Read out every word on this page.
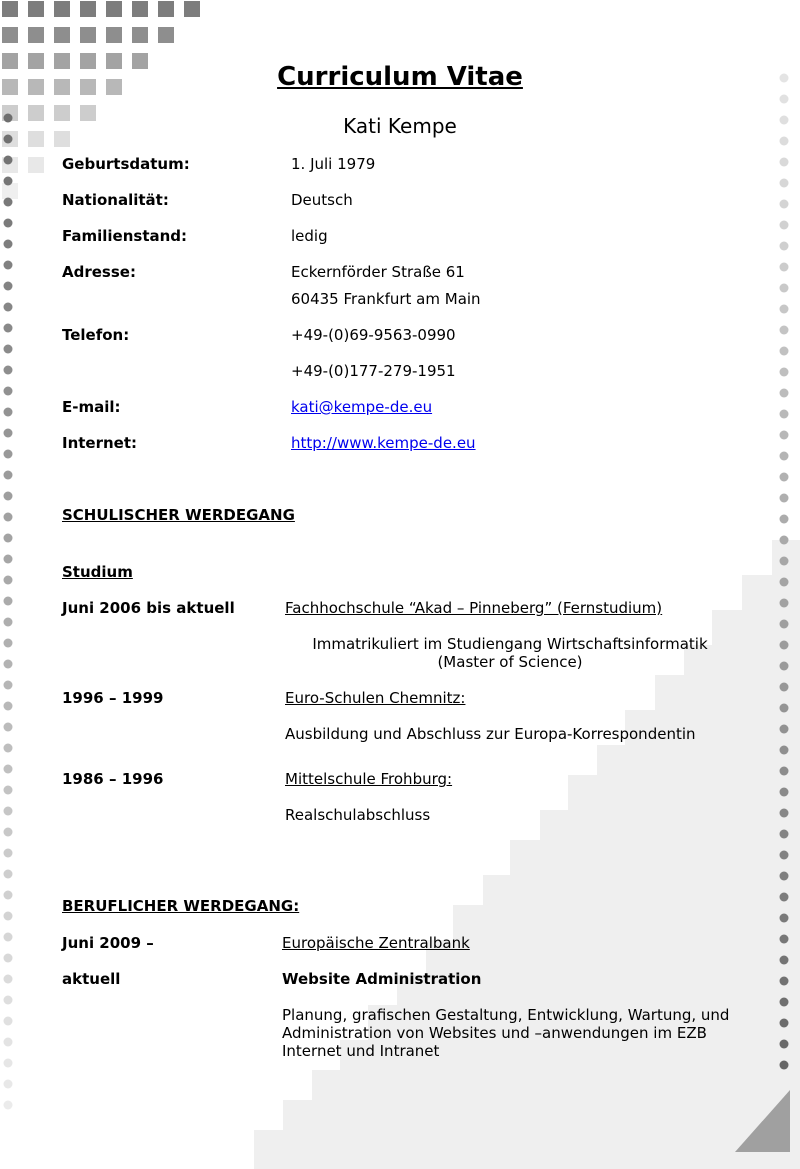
Curriculum Vitae
Kati Kempe
Geburtsdatum:	1. Juli 1979
Nationalität:	Deutsch
Familienstand:	ledig
Adresse:	Eckernförder Straße 61
60435 Frankfurt am Main
Telefon:	+49-(0)69-9563-0990
+49-(0)177-279-1951
E-mail:	kati@kempe-de.eu
Internet:	http://www.kempe-de.eu
SCHULISCHER WERDEGANG
Studium
Juni 2006 bis aktuell	Fachhochschule “Akad – Pinneberg” (Fernstudium)
Immatrikuliert im Studiengang Wirtschaftsinformatik
(Master of Science)
1996 – 1999	Euro-Schulen Chemnitz:
Ausbildung und Abschluss zur Europa-Korrespondentin
1986 – 1996	Mittelschule Frohburg:
Realschulabschluss
BERUFLICHER WERDEGANG:
Juni 2009 –	Europäische Zentralbank
aktuell	Website Administration
Planung, grafischen Gestaltung, Entwicklung, Wartung, und Administration von Websites und –anwendungen im EZB Internet und Intranet
